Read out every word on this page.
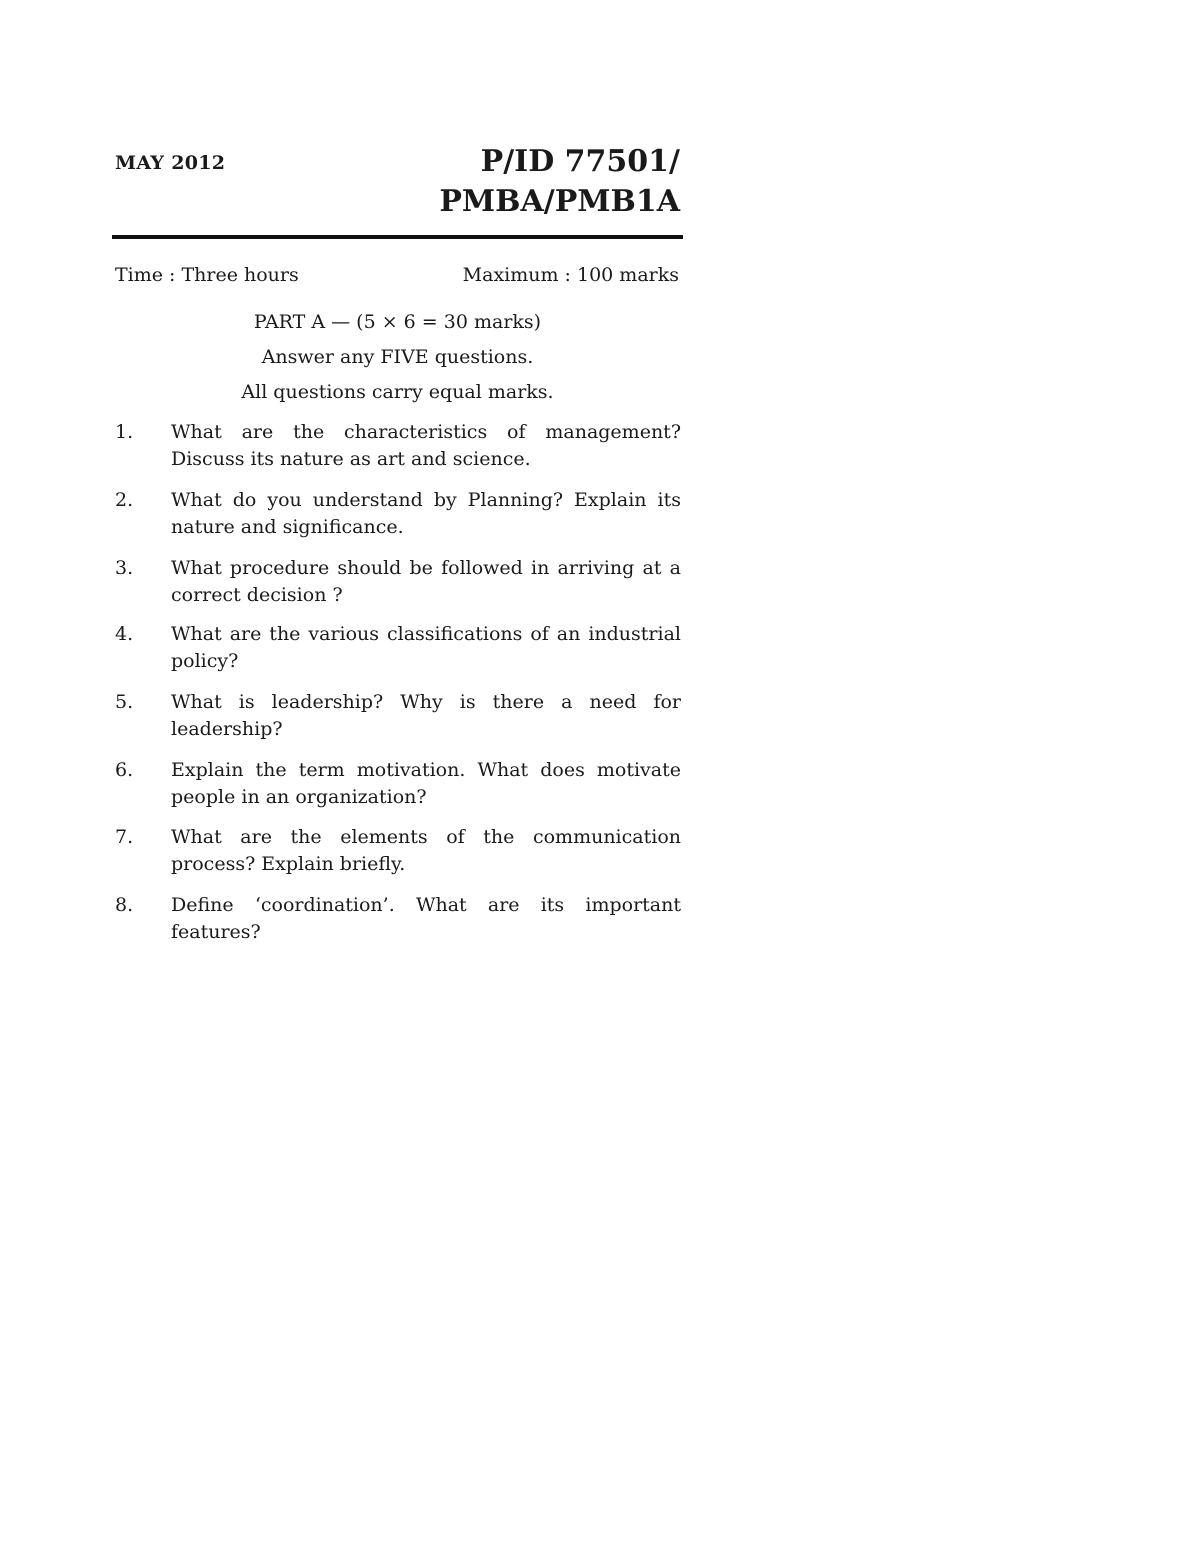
MAY 2012	P/ID 77501/
PMBA/PMB1A
Time : Three hours	Maximum : 100 marks
PART A — (5 × 6 = 30 marks)
Answer any FIVE questions.
All questions carry equal marks.
1.	What are the characteristics of management? Discuss its nature as art and science.
2.	What do you understand by Planning? Explain its nature and significance.
3.	What procedure should be followed in arriving at a correct decision ?
4.	What are the various classifications of an industrial policy?
5.	What is leadership? Why is there a need for leadership?
6.	Explain the term motivation. What does motivate people in an organization?
7.	What are the elements of the communication process? Explain briefly.
8.	Define ‘coordination’. What are its important features?
